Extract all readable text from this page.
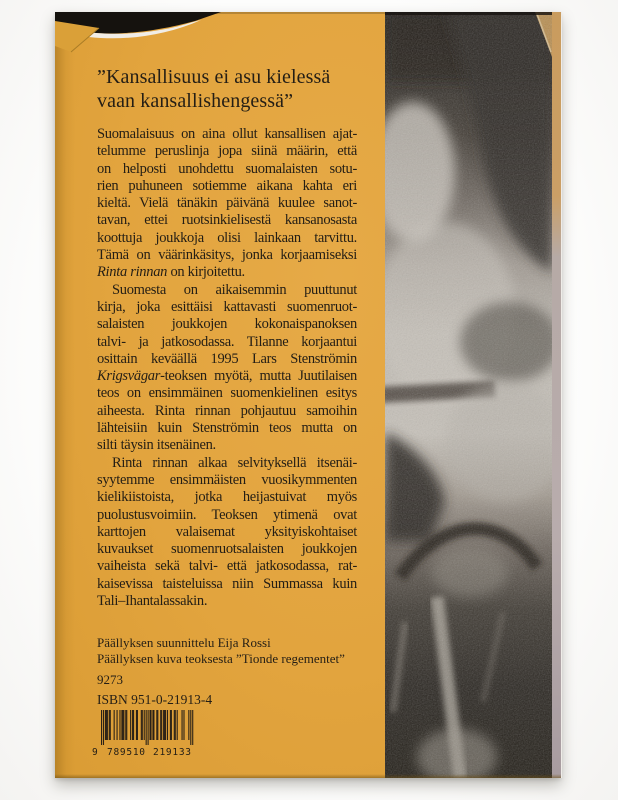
”Kansallisuus ei asu kielessä
vaan kansallishengessä”
Suomalaisuus on aina ollut kansallisen ajat-
telumme peruslinja jopa siinä määrin, että
on helposti unohdettu suomalaisten sotu-
rien puhuneen sotiemme aikana kahta eri
kieltä. Vielä tänäkin päivänä kuulee sanot-
tavan, ettei ruotsinkielisestä kansanosasta
koottuja joukkoja olisi lainkaan tarvittu.
Tämä on väärinkäsitys, jonka korjaamiseksi
Rinta rinnan on kirjoitettu.
Suomesta on aikaisemmin puuttunut
kirja, joka esittäisi kattavasti suomenruot-
salaisten joukkojen kokonaispanoksen
talvi- ja jatkosodassa. Tilanne korjaantui
osittain keväällä 1995 Lars Stenströmin
Krigsvägar-teoksen myötä, mutta Juutilaisen
teos on ensimmäinen suomenkielinen esitys
aiheesta. Rinta rinnan pohjautuu samoihin
lähteisiin kuin Stenströmin teos mutta on
silti täysin itsenäinen.
Rinta rinnan alkaa selvityksellä itsenäi-
syytemme ensimmäisten vuosikymmenten
kielikiistoista, jotka heijastuivat myös
puolustusvoimiin. Teoksen ytimenä ovat
karttojen valaisemat yksityiskohtaiset
kuvaukset suomenruotsalaisten joukkojen
vaiheista sekä talvi- että jatkosodassa, rat-
kaisevissa taisteluissa niin Summassa kuin
Tali–Ihantalassakin.
Päällyksen suunnittelu Eija Rossi
Päällyksen kuva teoksesta ”Tionde regementet”
9273
ISBN 951-0-21913-4
9 789510 219133
